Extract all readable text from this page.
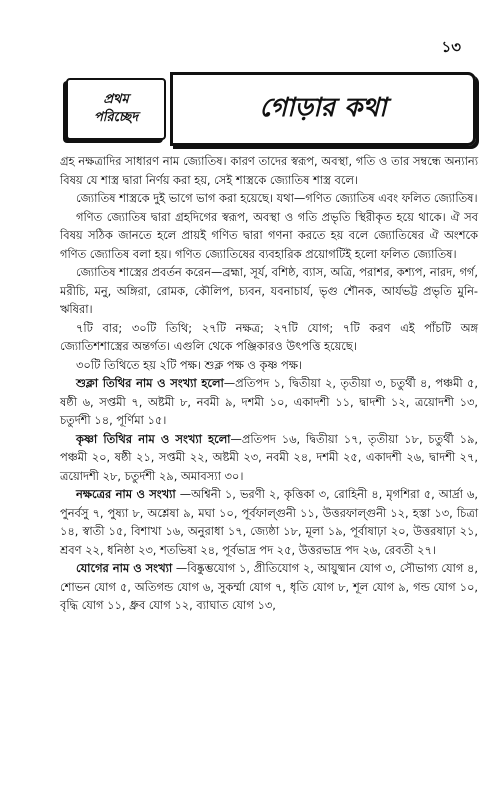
১৩
প্রথম
পরিচ্ছেদ	গোড়ার কথা

গ্রহ নক্ষত্রাদির সাধারণ নাম জ্যোতিষ। কারণ তাদের স্বরূপ, অবস্থা, গতি ও তার সম্বন্ধে অন্যান্য বিষয় যে শাস্ত্র দ্বারা নির্ণয় করা হয়, সেই শাস্ত্রকে জ্যোতিষ শাস্ত্র বলে।

জ্যোতিষ শাস্ত্রকে দুই ভাগে ভাগ করা হয়েছে। যথা—গণিত জ্যোতিষ এবং ফলিত জ্যোতিষ।

গণিত জ্যোতিষ দ্বারা গ্রহদিগের স্বরূপ, অবস্থা ও গতি প্রভৃতি স্থিরীকৃত হয়ে থাকে। ঐ সব বিষয় সঠিক জানতে হলে প্রায়ই গণিত দ্বারা গণনা করতে হয় বলে জ্যোতিষের ঐ অংশকে গণিত জ্যোতিষ বলা হয়। গণিত জ্যোতিষের ব্যবহারিক প্রয়োগটিই হলো ফলিত জ্যোতিষ।

জ্যোতিষ শাস্ত্রের প্রবর্তন করেন—ব্রহ্মা, সূর্য, বশিষ্ঠ, ব্যাস, অত্রি, পরাশর, কশ্যপ, নারদ, গর্গ, মরীচি, মনু, অঙ্গিরা, রোমক, কৌলিপ, চ্যবন, যবনাচার্য, ভৃগু শৌনক, আর্যভট্ট প্রভৃতি মুনি-ঋষিরা।

৭টি বার; ৩০টি তিথি; ২৭টি নক্ষত্র; ২৭টি যোগ; ৭টি করণ এই পাঁচটি অঙ্গ জ্যোতিশশাস্ত্রের অন্তর্গত। এগুলি থেকে পঞ্জিকারও উৎপত্তি হয়েছে।

৩০টি তিথিতে হয় ২টি পক্ষ। শুক্ল পক্ষ ও কৃষ্ণ পক্ষ।

শুক্লা তিথির নাম ও সংখ্যা হলো—প্রতিপদ ১, দ্বিতীয়া ২, তৃতীয়া ৩, চতুর্থী ৪, পঞ্চমী ৫, ষষ্ঠী ৬, সপ্তমী ৭, অষ্টমী ৮, নবমী ৯, দশমী ১০, একাদশী ১১, দ্বাদশী ১২, ত্রয়োদশী ১৩, চতুর্দশী ১৪, পূর্ণিমা ১৫।

কৃষ্ণা তিথির নাম ও সংখ্যা হলো—প্রতিপদ ১৬, দ্বিতীয়া ১৭, তৃতীয়া ১৮, চতুর্থী ১৯, পঞ্চমী ২০, ষষ্ঠী ২১, সপ্তমী ২২, অষ্টমী ২৩, নবমী ২৪, দশমী ২৫, একাদশী ২৬, দ্বাদশী ২৭, ত্রয়োদশী ২৮, চতুর্দশী ২৯, অমাবস্যা ৩০।

নক্ষত্রের নাম ও সংখ্যা —অশ্বিনী ১, ভরণী ২, কৃত্তিকা ৩, রোহিনী ৪, মৃগশিরা ৫, আর্দ্রা ৬, পুনর্বসু ৭, পুষ্যা ৮, অশ্লেষা ৯, মঘা ১০, পূর্বফাল্গুনী ১১, উত্তরফাল্গুনী ১২, হস্তা ১৩, চিত্রা ১৪, স্বাতী ১৫, বিশাখা ১৬, অনুরাধা ১৭, জ্যেষ্ঠা ১৮, মূলা ১৯, পূর্বাষাঢ়া ২০, উত্তরষাঢ়া ২১, শ্রবণ ২২, ধনিষ্ঠা ২৩, শতভিষা ২৪, পূর্বভাদ্র পদ ২৫, উত্তরভাদ্র পদ ২৬, রেবতী ২৭।

যোগের নাম ও সংখ্যা —বিষ্কুম্ভযোগ ১, প্রীতিযোগ ২, আয়ুষ্মান যোগ ৩, সৌভাগ্য যোগ ৪, শোভন যোগ ৫, অতিগন্ড যোগ ৬, সুকর্ম্মা যোগ ৭, ধৃতি যোগ ৮, শূল যোগ ৯, গন্ড যোগ ১০, বৃদ্ধি যোগ ১১, ধ্রুব যোগ ১২, ব্যাঘাত যোগ ১৩,
